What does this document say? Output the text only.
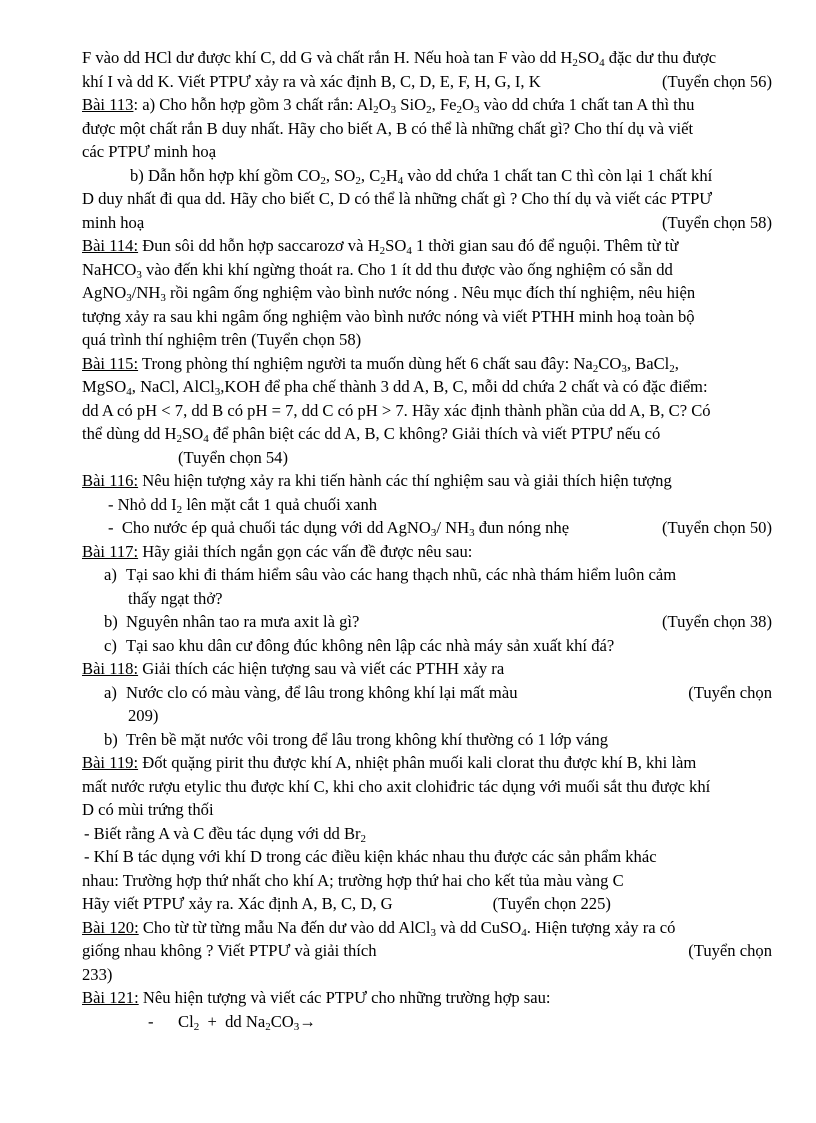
F vào dd HCl dư được khí C, dd G và chất rắn H. Nếu hoà tan F vào dd $H_2SO_4$ đặc dư thu được
khí I và dd K. Viết PTPƯ xảy ra và xác định B, C, D, E, F, H, G, I, K	(Tuyển chọn 56)
Bài 113 : a) Cho hỗn hợp gồm 3 chất rắn: $Al_2O_3$ SiO$_2$, $Fe_2O_3$ vào dd chứa 1 chất tan A thì thu
được một chất rắn B duy nhất. Hãy cho biết A, B có thể là những chất gì? Cho thí dụ và viết
các PTPƯ minh hoạ
b) Dẫn hỗn hợp khí gồm $CO_2$, $SO_2$, $C_2H_4$ vào dd chứa 1 chất tan C thì còn lại 1 chất khí
D duy nhất đi qua dd. Hãy cho biết C, D có thể là những chất gì ? Cho thí dụ và viết các PTPƯ
minh hoạ	(Tuyển chọn 58)
Bài 114: Đun sôi dd hỗn hợp saccarozơ và $H_2SO_4$ 1 thời gian sau đó để nguội. Thêm từ từ
NaHCO$_3$ vào đến khi khí ngừng thoát ra. Cho 1 ít dd thu được vào ống nghiệm có sẵn dd
$AgNO_3/NH_3$ rồi ngâm ống nghiệm vào bình nước nóng . Nêu mục đích thí nghiệm, nêu hiện
tượng xảy ra sau khi ngâm ống nghiệm vào bình nước nóng và viết PTHH minh hoạ toàn bộ
quá trình thí nghiệm trên (Tuyển chọn 58)
Bài 115: Trong phòng thí nghiệm người ta muốn dùng hết 6 chất sau đây: $Na_2CO_3$, BaCl$_2$,
MgSO$_4$, NaCl, AlCl$_3$,KOH để pha chế thành 3 dd A, B, C, mỗi dd chứa 2 chất và có đặc điểm:
dd A có pH < 7, dd B có pH = 7, dd C có pH > 7. Hãy xác định thành phần của dd A, B, C? Có
thể dùng dd $H_2SO_4$ để phân biệt các dd A, B, C không? Giải thích và viết PTPƯ nếu có
(Tuyển chọn 54)
Bài 116: Nêu hiện tượng xảy ra khi tiến hành các thí nghiệm sau và giải thích hiện tượng
- Nhỏ dd $I_2$ lên mặt cắt 1 quả chuối xanh
-  Cho nước ép quả chuối tác dụng với dd AgNO$_3$/ $NH_3$ đun nóng nhẹ	(Tuyển chọn 50)
Bài 117: Hãy giải thích ngắn gọn các vấn đề được nêu sau:
a) Tại sao khi đi thám hiểm sâu vào các hang thạch nhũ, các nhà thám hiểm luôn cảm
thấy ngạt thở?
b) Nguyên nhân tao ra mưa axit là gì?	(Tuyển chọn 38)
c) Tại sao khu dân cư đông đúc không nên lập các nhà máy sản xuất khí đá?
Bài 118: Giải thích các hiện tượng sau và viết các PTHH xảy ra
a) Nước clo có màu vàng, để lâu trong không khí lại mất màu	(Tuyển chọn
209)
b) Trên bề mặt nước vôi trong để lâu trong không khí thường có 1 lớp váng
Bài 119: Đốt quặng pirit thu được khí A, nhiệt phân muối kali clorat thu được khí B, khi làm
mất nước rượu etylic thu được khí C, khi cho axit clohiđric tác dụng với muối sắt thu được khí
D có mùi trứng thối
- Biết rằng A và C đều tác dụng với dd $Br_2$
- Khí B tác dụng với khí D trong các điều kiện khác nhau thu được các sản phẩm khác
nhau: Trường hợp thứ nhất cho khí A; trường hợp thứ hai cho kết tủa màu vàng C
Hãy viết PTPƯ xảy ra. Xác định A, B, C, D, G	(Tuyển chọn 225)
Bài 120: Cho từ từ từng mẫu Na đến dư vào dd AlCl$_3$ và dd CuSO$_4$. Hiện tượng xảy ra có
giống nhau không ? Viết PTPƯ và giải thích	(Tuyển chọn
233)
Bài 121: Nêu hiện tượng và viết các PTPƯ cho những trường hợp sau:
-	$Cl_2$  +  dd $Na_2CO_3\to$
